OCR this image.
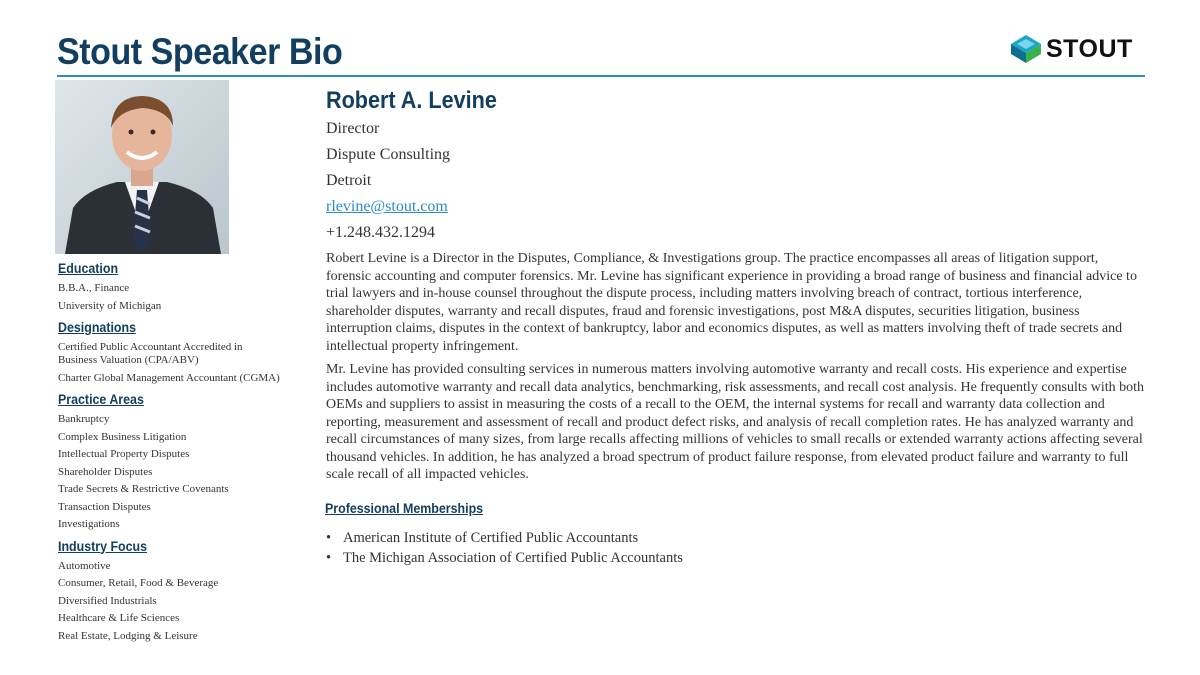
Stout Speaker Bio	STOUT
Education
B.B.A., Finance
University of Michigan
Designations
Certified Public Accountant Accredited in Business Valuation (CPA/ABV)
Charter Global Management Accountant (CGMA)
Practice Areas
Bankruptcy
Complex Business Litigation
Intellectual Property Disputes
Shareholder Disputes
Trade Secrets & Restrictive Covenants
Transaction Disputes
Investigations
Industry Focus
Automotive
Consumer, Retail, Food & Beverage
Diversified Industrials
Healthcare & Life Sciences
Real Estate, Lodging & Leisure
Robert A. Levine
Director
Dispute Consulting
Detroit
rlevine@stout.com
+1.248.432.1294

Robert Levine is a Director in the Disputes, Compliance, & Investigations group. The practice encompasses all areas of litigation support, forensic accounting and computer forensics. Mr. Levine has significant experience in providing a broad range of business and financial advice to trial lawyers and in-house counsel throughout the dispute process, including matters involving breach of contract, tortious interference, shareholder disputes, warranty and recall disputes, fraud and forensic investigations, post M&A disputes, securities litigation, business interruption claims, disputes in the context of bankruptcy, labor and economics disputes, as well as matters involving theft of trade secrets and intellectual property infringement.

Mr. Levine has provided consulting services in numerous matters involving automotive warranty and recall costs. His experience and expertise includes automotive warranty and recall data analytics, benchmarking, risk assessments, and recall cost analysis. He frequently consults with both OEMs and suppliers to assist in measuring the costs of a recall to the OEM, the internal systems for recall and warranty data collection and reporting, measurement and assessment of recall and product defect risks, and analysis of recall completion rates. He has analyzed warranty and recall circumstances of many sizes, from large recalls affecting millions of vehicles to small recalls or extended warranty actions affecting several thousand vehicles. In addition, he has analyzed a broad spectrum of product failure response, from elevated product failure and warranty to full scale recall of all impacted vehicles.

Professional Memberships
• American Institute of Certified Public Accountants
• The Michigan Association of Certified Public Accountants
